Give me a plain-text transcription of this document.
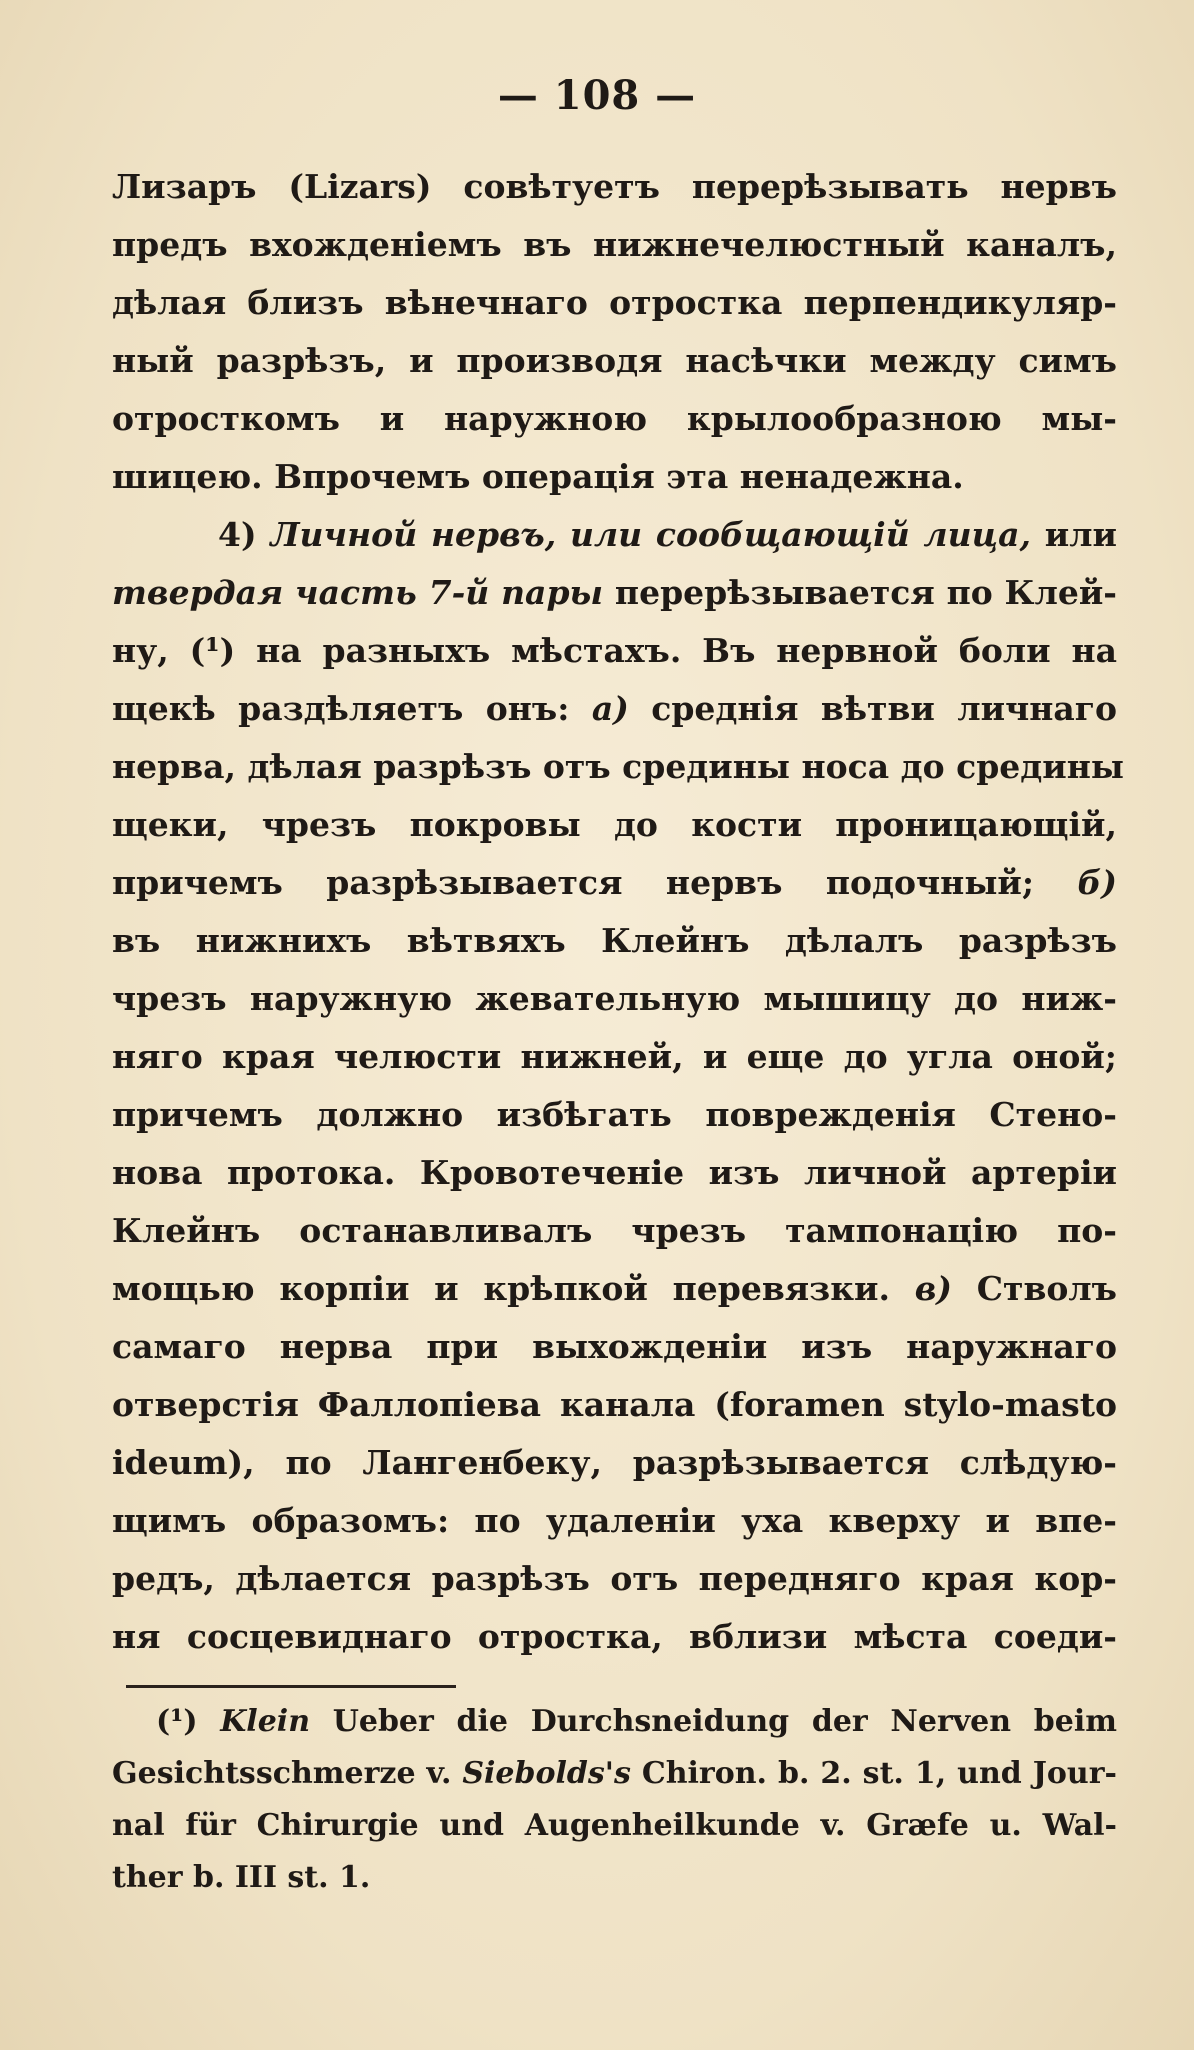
— 108 —
Лизаръ (Lizars) совѣтуетъ перерѣзывать нервъ
предъ вхожденіемъ въ нижнечелюстный каналъ,
дѣлая близъ вѣнечнаго отростка перпендикуляр-
ный разрѣзъ, и производя насѣчки между симъ
отросткомъ и наружною крылообразною мы-
шицею. Впрочемъ операція эта ненадежна.
4) Личной нервъ, или сообщающій лица, или
твердая часть 7-й пары перерѣзывается по Клей-
ну, (¹) на разныхъ мѣстахъ. Въ нервной боли на
щекѣ раздѣляетъ онъ: а) среднія вѣтви личнаго
нерва, дѣлая разрѣзъ отъ средины носа до средины
щеки, чрезъ покровы до кости проницающій,
причемъ разрѣзывается нервъ подочный; б)
въ нижнихъ вѣтвяхъ Клейнъ дѣлалъ разрѣзъ
чрезъ наружную жевательную мышицу до ниж-
няго края челюсти нижней, и еще до угла оной;
причемъ должно избѣгать поврежденія Стено-
нова протока. Кровотеченіе изъ личной артеріи
Клейнъ останавливалъ чрезъ тампонацію по-
мощью корпіи и крѣпкой перевязки. в) Стволъ
самаго нерва при выхожденіи изъ наружнаго
отверстія Фаллопіева канала (foramen stylo-masto
ideum), по Лангенбеку, разрѣзывается слѣдую-
щимъ образомъ: по удаленіи уха кверху и впе-
редъ, дѣлается разрѣзъ отъ передняго края кор-
ня сосцевиднаго отростка, вблизи мѣста соеди-
(¹) Klein Ueber die Durchsneidung der Nerven beim
Gesichtsschmerze v. Siebolds's Chiron. b. 2. st. 1, und Jour-
nal für Chirurgie und Augenheilkunde v. Græfe u. Wal-
ther b. III st. 1.
